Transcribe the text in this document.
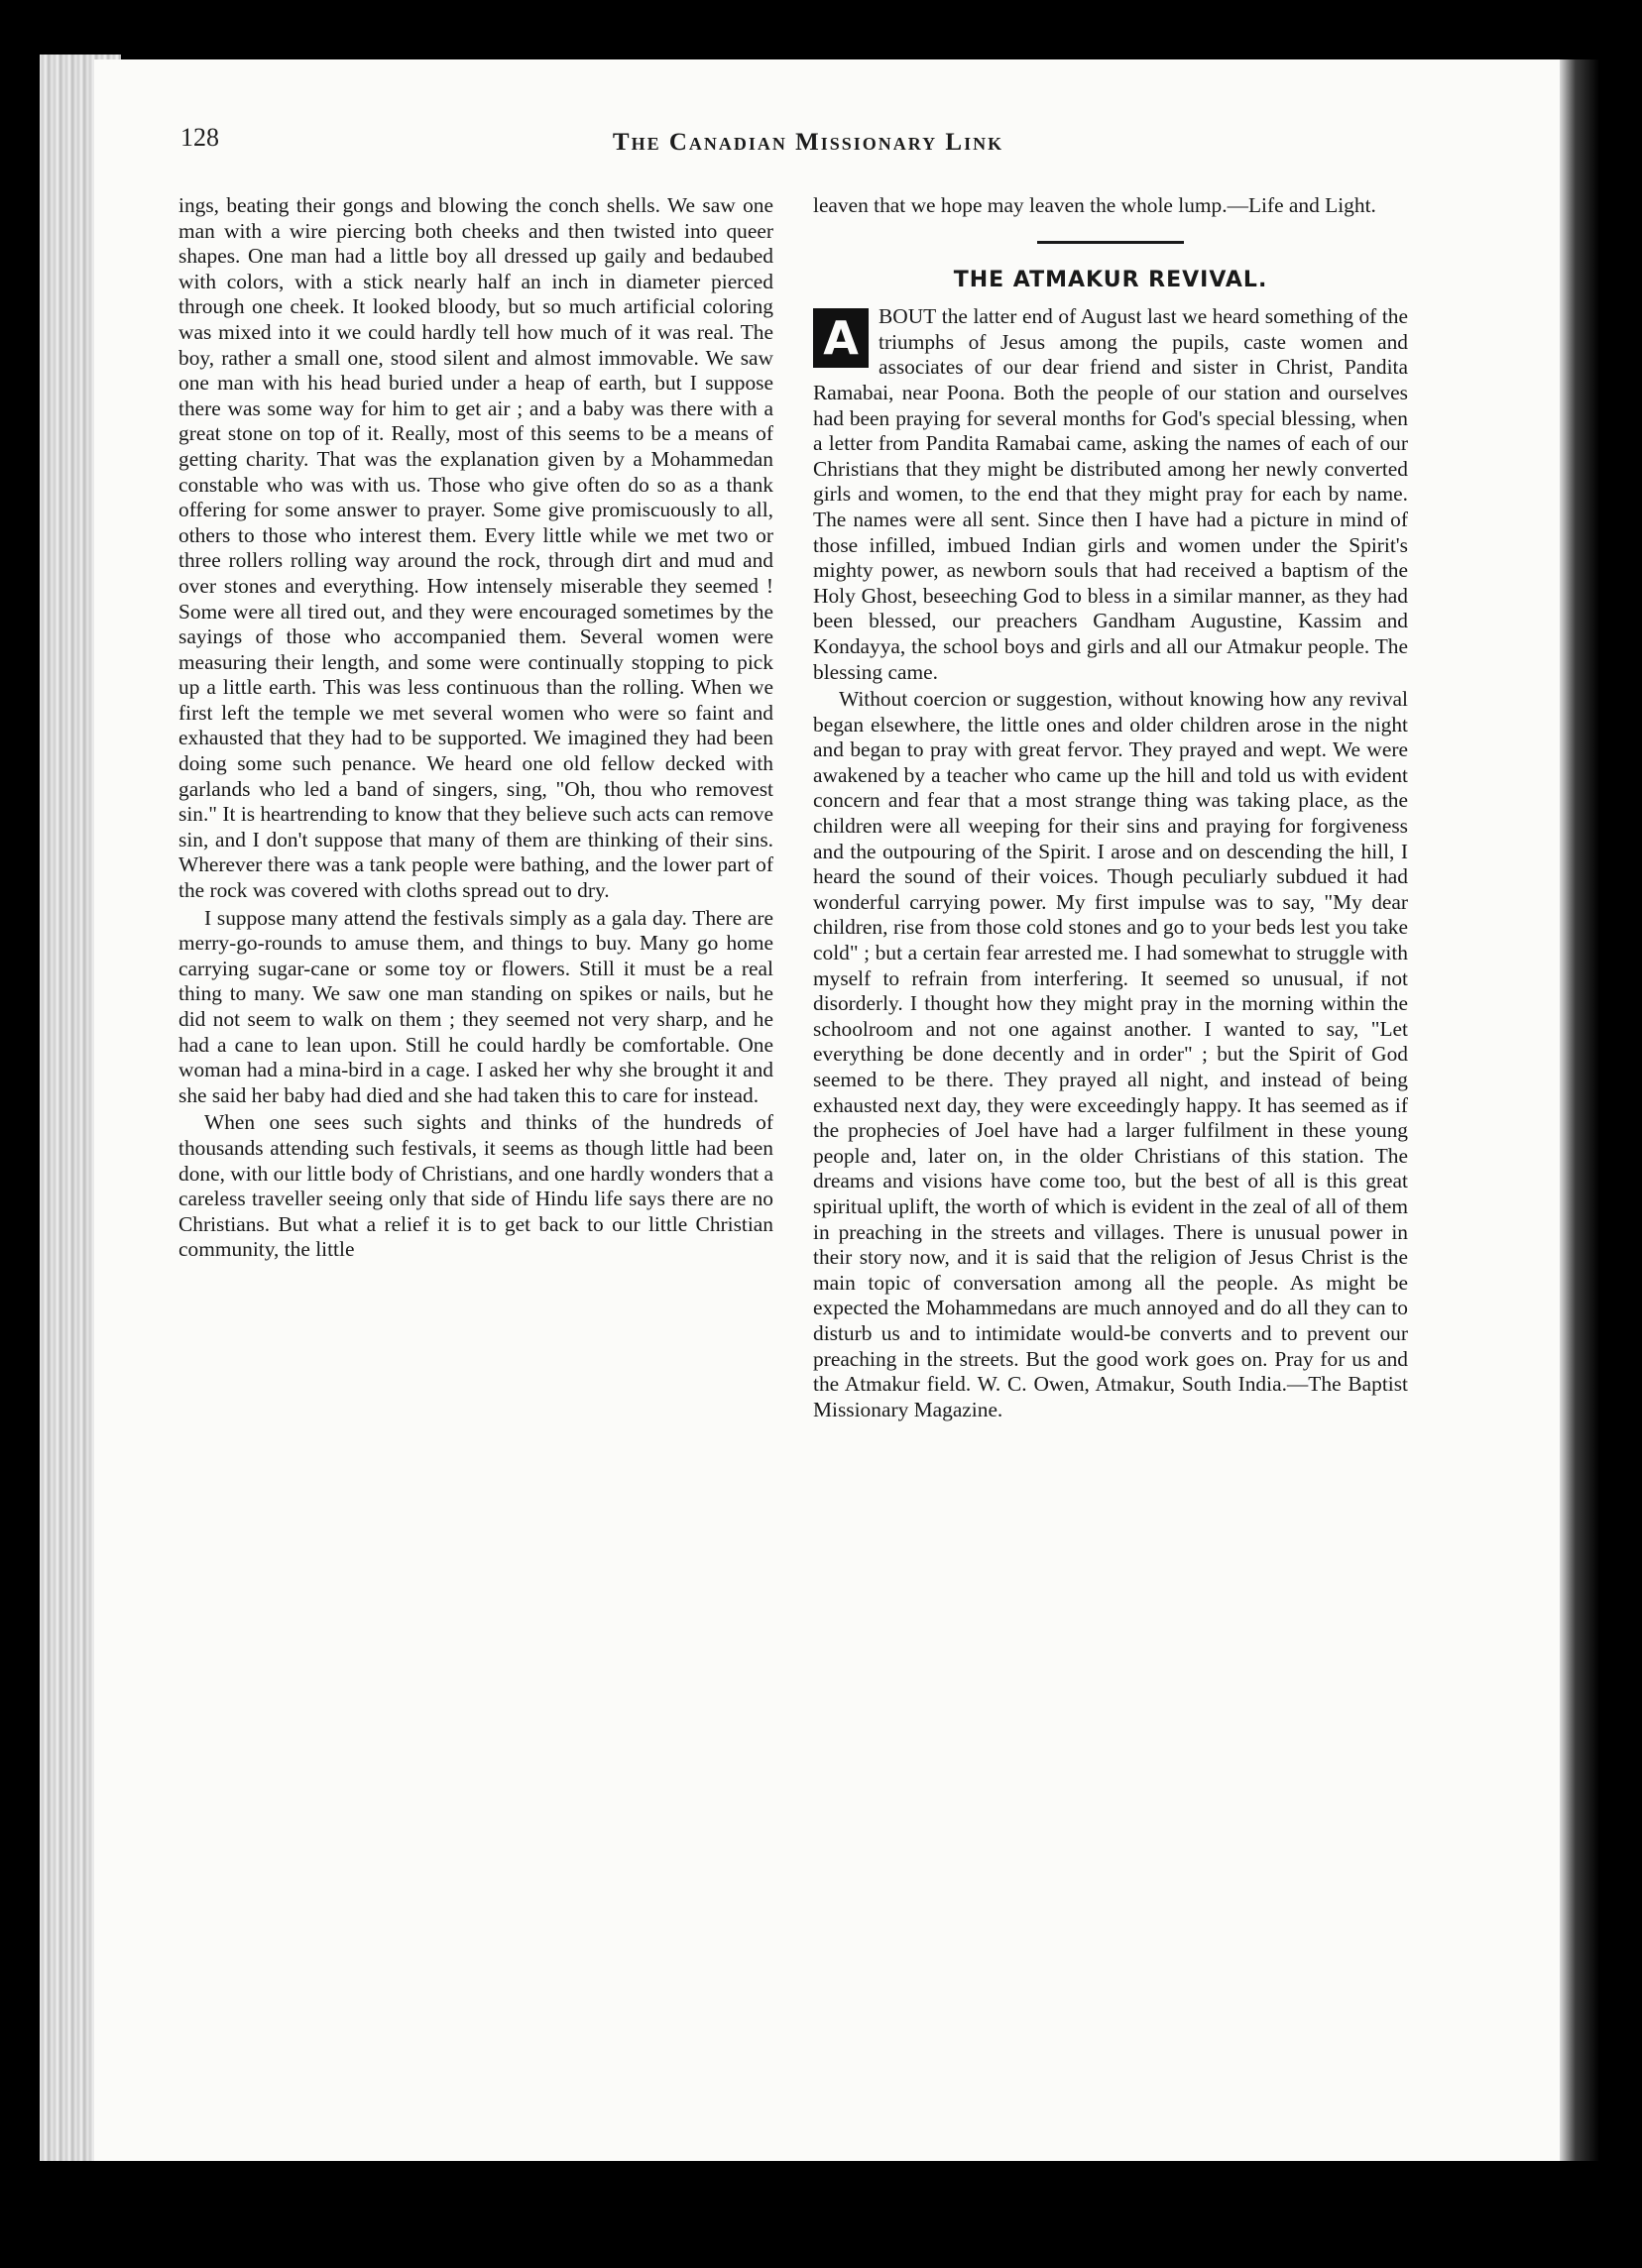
128	The Canadian Missionary Link

ings, beating their gongs and blowing the conch shells. We saw one man with a wire piercing both cheeks and then twisted into queer shapes. One man had a little boy all dressed up gaily and bedaubed with colors, with a stick nearly half an inch in diameter pierced through one cheek. It looked bloody, but so much artificial coloring was mixed into it we could hardly tell how much of it was real. The boy, rather a small one, stood silent and almost immovable. We saw one man with his head buried under a heap of earth, but I suppose there was some way for him to get air ; and a baby was there with a great stone on top of it. Really, most of this seems to be a means of getting charity. That was the explanation given by a Mohammedan constable who was with us. Those who give often do so as a thank offering for some answer to prayer. Some give promiscuously to all, others to those who interest them. Every little while we met two or three rollers rolling way around the rock, through dirt and mud and over stones and everything. How intensely miserable they seemed ! Some were all tired out, and they were encouraged sometimes by the sayings of those who accompanied them. Several women were measuring their length, and some were continually stopping to pick up a little earth. This was less continuous than the rolling. When we first left the temple we met several women who were so faint and exhausted that they had to be supported. We imagined they had been doing some such penance. We heard one old fellow decked with garlands who led a band of singers, sing, "Oh, thou who removest sin." It is heartrending to know that they believe such acts can remove sin, and I don't suppose that many of them are thinking of their sins. Wherever there was a tank people were bathing, and the lower part of the rock was covered with cloths spread out to dry.

I suppose many attend the festivals simply as a gala day. There are merry-go-rounds to amuse them, and things to buy. Many go home carrying sugar-cane or some toy or flowers. Still it must be a real thing to many. We saw one man standing on spikes or nails, but he did not seem to walk on them ; they seemed not very sharp, and he had a cane to lean upon. Still he could hardly be comfortable. One woman had a mina-bird in a cage. I asked her why she brought it and she said her baby had died and she had taken this to care for instead.

When one sees such sights and thinks of the hundreds of thousands attending such festivals, it seems as though little had been done, with our little body of Christians, and one hardly wonders that a careless traveller seeing only that side of Hindu life says there are no Christians. But what a relief it is to get back to our little Christian community, the little

leaven that we hope may leaven the whole lump.—Life and Light.

THE ATMAKUR REVIVAL.

A BOUT the latter end of August last we heard something of the triumphs of Jesus among the pupils, caste women and associates of our dear friend and sister in Christ, Pandita Ramabai, near Poona. Both the people of our station and ourselves had been praying for several months for God's special blessing, when a letter from Pandita Ramabai came, asking the names of each of our Christians that they might be distributed among her newly converted girls and women, to the end that they might pray for each by name. The names were all sent. Since then I have had a picture in mind of those infilled, imbued Indian girls and women under the Spirit's mighty power, as newborn souls that had received a baptism of the Holy Ghost, beseeching God to bless in a similar manner, as they had been blessed, our preachers Gandham Augustine, Kassim and Kondayya, the school boys and girls and all our Atmakur people. The blessing came.

Without coercion or suggestion, without knowing how any revival began elsewhere, the little ones and older children arose in the night and began to pray with great fervor. They prayed and wept. We were awakened by a teacher who came up the hill and told us with evident concern and fear that a most strange thing was taking place, as the children were all weeping for their sins and praying for forgiveness and the outpouring of the Spirit. I arose and on descending the hill, I heard the sound of their voices. Though peculiarly subdued it had wonderful carrying power. My first impulse was to say, "My dear children, rise from those cold stones and go to your beds lest you take cold" ; but a certain fear arrested me. I had somewhat to struggle with myself to refrain from interfering. It seemed so unusual, if not disorderly. I thought how they might pray in the morning within the schoolroom and not one against another. I wanted to say, "Let everything be done decently and in order" ; but the Spirit of God seemed to be there. They prayed all night, and instead of being exhausted next day, they were exceedingly happy. It has seemed as if the prophecies of Joel have had a larger fulfilment in these young people and, later on, in the older Christians of this station. The dreams and visions have come too, but the best of all is this great spiritual uplift, the worth of which is evident in the zeal of all of them in preaching in the streets and villages. There is unusual power in their story now, and it is said that the religion of Jesus Christ is the main topic of conversation among all the people. As might be expected the Mohammedans are much annoyed and do all they can to disturb us and to intimidate would-be converts and to prevent our preaching in the streets. But the good work goes on. Pray for us and the Atmakur field. W. C. Owen, Atmakur, South India.—The Baptist Missionary Magazine.
